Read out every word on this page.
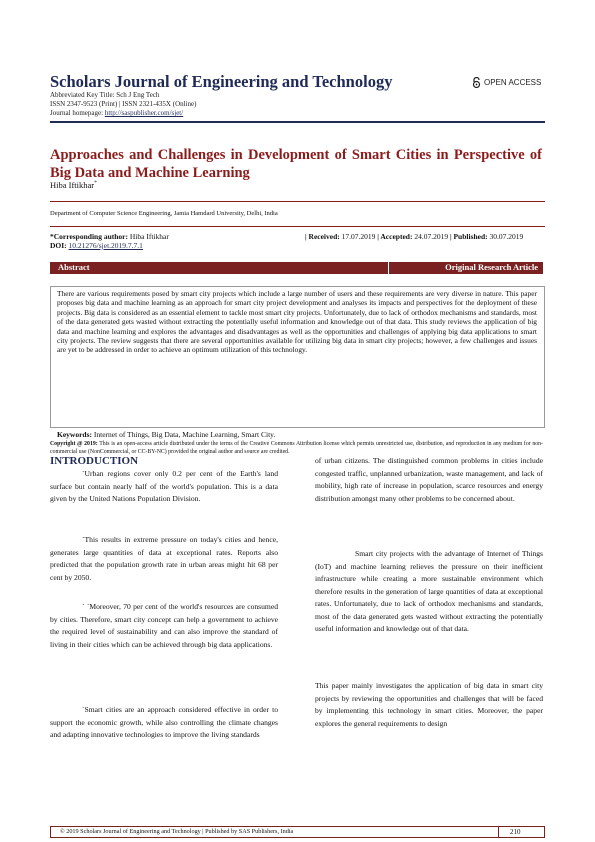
Scholars Journal of Engineering and Technology
Abbreviated Key Title: Sch J Eng Tech
ISSN 2347-9523 (Print) | ISSN 2321-435X (Online)
Journal homepage: http://saspublisher.com/sjet/
OPEN ACCESS
Approaches and Challenges in Development of Smart Cities in Perspective of Big Data and Machine Learning
Hiba Iftikhar*
Department of Computer Science Engineering, Jamia Hamdard University, Delhi, India
*Corresponding author: Hiba Iftikhar
DOI: 10.21276/sjet.2019.7.7.1
| Received: 17.07.2019 | Accepted: 24.07.2019 | Published: 30.07.2019
Abstract	Original Research Article
There are various requirements posed by smart city projects which include a large number of users and these requirements are very diverse in nature. This paper proposes big data and machine learning as an approach for smart city project development and analyses its impacts and perspectives for the deployment of these projects. Big data is considered as an essential element to tackle most smart city projects. Unfortunately, due to lack of orthodox mechanisms and standards, most of the data generated gets wasted without extracting the potentially useful information and knowledge out of that data. This study reviews the application of big data and machine learning and explores the advantages and disadvantages as well as the opportunities and challenges of applying big data applications to smart city projects. The review suggests that there are several opportunities available for utilizing big data in smart city projects; however, a few challenges and issues are yet to be addressed in order to achieve an optimum utilization of this technology.
Keywords: Internet of Things, Big Data, Machine Learning, Smart City.
Copyright @ 2019: This is an open-access article distributed under the terms of the Creative Commons Attribution license which permits unrestricted use, distribution, and reproduction in any medium for non-commercial use (NonCommercial, or CC-BY-NC) provided the original author and source are credited.
INTRODUCTION
`Urban regions cover only 0.2 per cent of the Earth's land surface but contain nearly half of the world's population. This is a data given by the United Nations Population Division.
`This results in extreme pressure on today's cities and hence, generates large quantities of data at exceptional rates. Reports also predicted that the population growth rate in urban areas might hit 68 per cent by 2050.
` `Moreover, 70 per cent of the world's resources are consumed by cities. Therefore, smart city concept can help a government to achieve the required level of sustainability and can also improve the standard of living in their cities which can be achieved through big data applications.
`Smart cities are an approach considered effective in order to support the economic growth, while also controlling the climate changes and adapting innovative technologies to improve the living standards
of urban citizens. The distinguished common problems in cities include congested traffic, unplanned urbanization, waste management, and lack of mobility, high rate of increase in population, scarce resources and energy distribution amongst many other problems to be concerned about.
Smart city projects with the advantage of Internet of Things (IoT) and machine learning relieves the pressure on their inefficient infrastructure while creating a more sustainable environment which therefore results in the generation of large quantities of data at exceptional rates. Unfortunately, due to lack of orthodox mechanisms and standards, most of the data generated gets wasted without extracting the potentially useful information and knowledge out of that data.
This paper mainly investigates the application of big data in smart city projects by reviewing the opportunities and challenges that will be faced by implementing this technology in smart cities. Moreover, the paper explores the general requirements to design
© 2019 Scholars Journal of Engineering and Technology | Published by SAS Publishers, India	210
